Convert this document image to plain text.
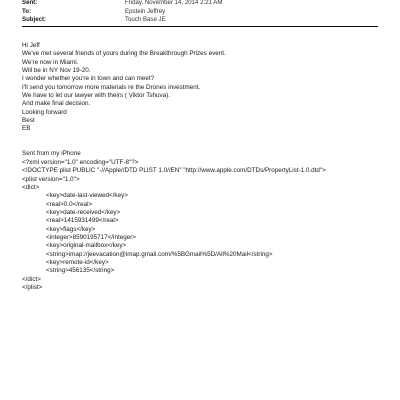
Sent:	Friday, November 14, 2014 2:21 AM
To:	Epstein Jeffrey
Subject:	Touch Base JE
Hi Jeff
We've met several friends of yours during the Breakthrough Prizes event.
We're now in Miami.
Will be in NY Nov 19-20.
I wonder whether you're in town and can meet?
I'll send you tomorrow more materials re the Drones investment.
We have to let our lawyer with theirs ( Viktor Tshuva).
And make final decision.
Looking forward
Best
EB
Sent from my iPhone
<?xml version="1.0" encoding="UTF-8"?>
<!DOCTYPE plist PUBLIC "-//Apple//DTD PLIST 1.0//EN" "http://www.apple.com/DTDs/PropertyList-1.0.dtd">
<plist version="1.0">
<dict>
<key>date-last-viewed</key>
<real>0.0</real>
<key>date-received</key>
<real>1415931499</real>
<key>flags</key>
<integer>8590195717</integer>
<key>original-mailbox</key>
<string>imap://jeevacation@imap.gmail.com/%5BGmail%5D/All%20Mail</string>
<key>remote-id</key>
<string>456135</string>
</dict>
</plist>
